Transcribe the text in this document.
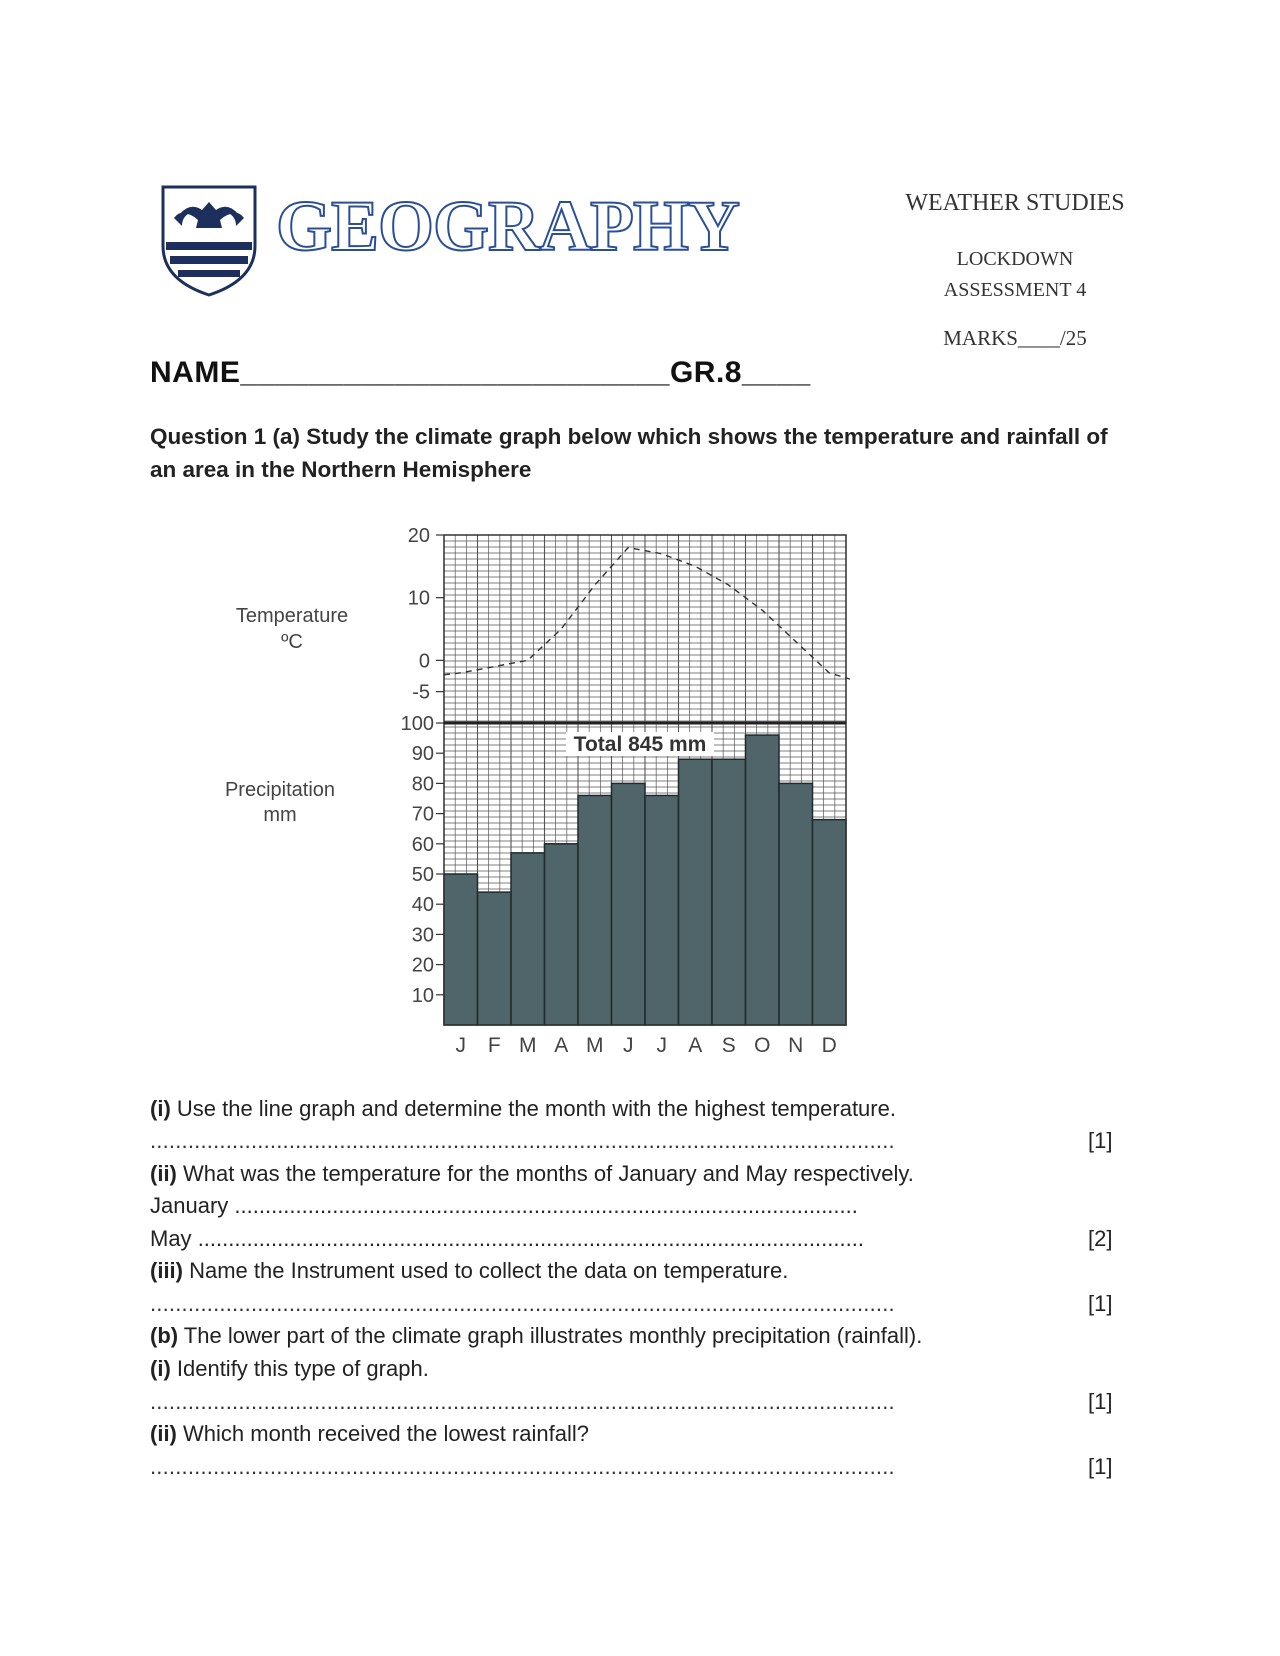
GEOGRAPHY	WEATHER STUDIES
LOCKDOWN
ASSESSMENT 4
MARKS____/25
NAME_________________________GR.8____
Question 1 (a) Study the climate graph below which shows the temperature and rainfall of an area in the Northern Hemisphere
20
10
0
-5
100
90
80
70
60
50
40
30
20
10
J F M A M J J A S O N D
Total 845 mm
Temperature
ºC
Precipitation
mm
(i) Use the line graph and determine the month with the highest temperature.
......................................................................................................................	[1]
(ii) What was the temperature for the months of January and May respectively.
January ......................................................................................................
May .............................................................................................................	[2]
(iii) Name the Instrument used to collect the data on temperature.
......................................................................................................................	[1]
(b) The lower part of the climate graph illustrates monthly precipitation (rainfall).
(i) Identify this type of graph.
......................................................................................................................	[1]
(ii) Which month received the lowest rainfall?
......................................................................................................................	[1]
